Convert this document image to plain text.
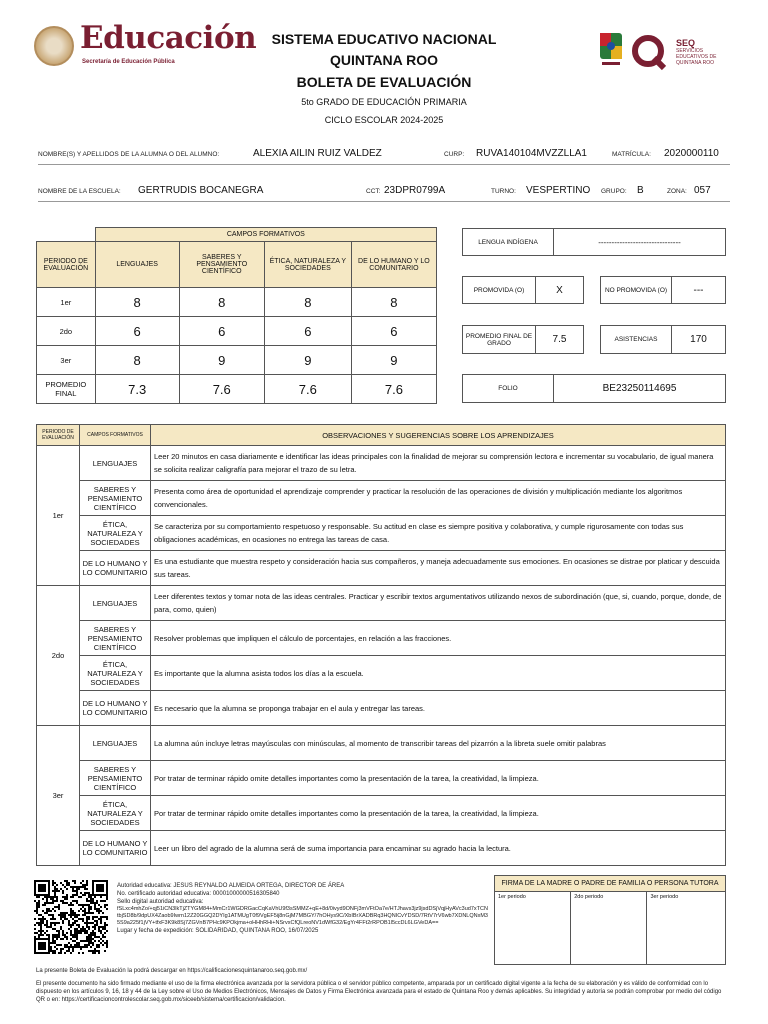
Educación
Secretaría de Educación Pública
SISTEMA EDUCATIVO NACIONAL
QUINTANA ROO
BOLETA DE EVALUACIÓN
5to GRADO DE EDUCACIÓN PRIMARIA
CICLO ESCOLAR 2024-2025
SEQ
SERVICIOS EDUCATIVOS DE QUINTANA ROO
NOMBRE(S) Y APELLIDOS DE LA ALUMNA O DEL ALUMNO:	ALEXIA AILIN RUIZ VALDEZ	CURP: RUVA140104MVZZLLA1	MATRÍCULA: 2020000110
NOMBRE DE LA ESCUELA: GERTRUDIS BOCANEGRA	CCT: 23DPR0799A	TURNO: VESPERTINO GRUPO: B	ZONA: 057
	CAMPOS FORMATIVOS			
PERIODO DE EVALUACIÓN	LENGUAJES	SABERES Y PENSAMIENTO CIENTÍFICO	ÉTICA, NATURALEZA Y SOCIEDADES	DE LO HUMANO Y LO COMUNITARIO
1er	8	8	8	8
2do	6	6	6	6
3er	8	9	9	9
PROMEDIO FINAL	7.3	7.6	7.6	7.6
LENGUA INDÍGENA	-------------------------------
PROMOVIDA (O)	X	NO PROMOVIDA (O)	---
PROMEDIO FINAL DE GRADO	7.5	ASISTENCIAS	170
FOLIO	BE23250114695
PERIODO DE EVALUACIÓN	CAMPOS FORMATIVOS	OBSERVACIONES Y SUGERENCIAS SOBRE LOS APRENDIZAJES
1er	LENGUAJES	Leer 20 minutos en casa diariamente e identificar las ideas principales con la finalidad de mejorar su comprensión lectora e incrementar su vocabulario, de igual manera se solicita realizar caligrafía para mejorar el trazo de su letra.
	SABERES Y PENSAMIENTO CIENTÍFICO	Presenta como área de oportunidad el aprendizaje comprender y practicar la resolución de las operaciones de división y multiplicación mediante los algoritmos convencionales.
	ÉTICA, NATURALEZA Y SOCIEDADES	Se caracteriza por su comportamiento respetuoso y responsable. Su actitud en clase es siempre positiva y colaborativa, y cumple rigurosamente con todas sus obligaciones académicas, en ocasiones no entrega las tareas de casa.
	DE LO HUMANO Y LO COMUNITARIO	Es una estudiante que muestra respeto y consideración hacia sus compañeros, y maneja adecuadamente sus emociones. En ocasiones se distrae por platicar y descuida sus tareas.
2do	LENGUAJES	Leer diferentes textos y tomar nota de las ideas centrales. Practicar y escribir textos argumentativos utilizando nexos de subordinación (que, si, cuando, porque, donde, de para, como, quien)
	SABERES Y PENSAMIENTO CIENTÍFICO	Resolver problemas que impliquen el cálculo de porcentajes, en relación a las fracciones.
	ÉTICA, NATURALEZA Y SOCIEDADES	Es importante que la alumna asista todos los días a la escuela.
	DE LO HUMANO Y LO COMUNITARIO	Es necesario que la alumna se proponga trabajar en el aula y entregar las tareas.
3er	LENGUAJES	La alumna aún incluye letras mayúsculas con minúsculas, al momento de transcribir tareas del pizarrón a la libreta suele omitir palabras
	SABERES Y PENSAMIENTO CIENTÍFICO	Por tratar de terminar rápido omite detalles importantes como la presentación de la tarea, la creatividad, la limpieza.
	ÉTICA, NATURALEZA Y SOCIEDADES	Por tratar de terminar rápido omite detalles importantes como la presentación de la tarea, la creatividad, la limpieza.
	DE LO HUMANO Y LO COMUNITARIO	Leer un libro del agrado de la alumna será de suma importancia para encaminar su agrado hacia la lectura.
Autoridad educativa: JESUS REYNALDO ALMEIDA ORTEGA, DIRECTOR DE ÁREA
No. certificado autoridad educativa: 00001000000516305840
Sello digital autoridad educativa:
fSLxc4mhZo/+qj51iCN3lkTjZTYGM84+MmCr1WGDRGacCqKaVhU9f3sSMMZ+qE+8d/0ivyd9ONFj3mVFtOa7e/HTJhavs3jz9jsdDSjVqjHyAVc3ud7xTCNtbjSD8b/9dpUX4Zaob9Iwrn12Z20GGQ2DYIg1ATMUgT0f9VgEF5ij8nGjM7MBGY/7hOHys9C/XbIBrXADBRq3HQNICvYDSD/7RtV7rV6wb7XDNLQNxM35S9a225f1jVY+tfxF3K9k8Sj7ZGVnB7PHc9KPOkjma+oHHhRHi+NSrvxCfQLreoNV1dWfG32/EgYr4FFt2rRPOB1l5ccDL6LGVeDA==
Lugar y fecha de expedición: SOLIDARIDAD, QUINTANA ROO, 16/07/2025
FIRMA DE LA MADRE O PADRE DE FAMILIA O PERSONA TUTORA
1er periodo	2do periodo	3er periodo
La presente Boleta de Evaluación la podrá descargar en https://calificacionesquintanaroo.seq.gob.mx/
El presente documento ha sido firmado mediante el uso de la firma electrónica avanzada por la servidora pública o el servidor público competente, amparada por un certificado digital vigente a la fecha de su elaboración y es válido de conformidad con lo dispuesto en los artículos 9, 16, 18 y 44 de la Ley sobre el Uso de Medios Electrónicos, Mensajes de Datos y Firma Electrónica avanzada para el estado de Quintana Roo y demás aplicables. Su integridad y autoría se podrán comprobar por medio del código QR o en: https://certificacioncontrolescolar.seq.gob.mx/siceeb/sistema/certificacion/validacion.
